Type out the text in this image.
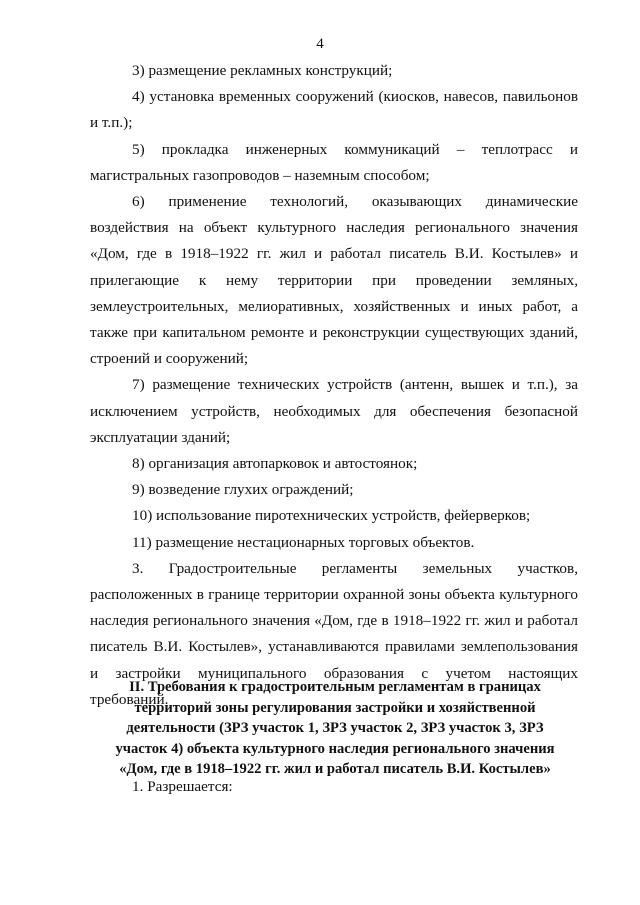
4

3) размещение рекламных конструкций;

4) установка временных сооружений (киосков, навесов, павильонов и т.п.);

5) прокладка инженерных коммуникаций – теплотрасс и магистральных газопроводов – наземным способом;

6) применение технологий, оказывающих динамические воздействия на объект культурного наследия регионального значения «Дом, где в 1918–1922 гг. жил и работал писатель В.И. Костылев» и прилегающие к нему территории при проведении земляных, землеустроительных, мелиоративных, хозяйственных и иных работ, а также при капитальном ремонте и реконструкции существующих зданий, строений и сооружений;

7) размещение технических устройств (антенн, вышек и т.п.), за исключением устройств, необходимых для обеспечения безопасной эксплуатации зданий;

8) организация автопарковок и автостоянок;

9) возведение глухих ограждений;

10) использование пиротехнических устройств, фейерверков;

11) размещение нестационарных торговых объектов.

3. Градостроительные регламенты земельных участков, расположенных в границе территории охранной зоны объекта культурного наследия регионального значения «Дом, где в 1918–1922 гг. жил и работал писатель В.И. Костылев», устанавливаются правилами землепользования и застройки муниципального образования с учетом настоящих требований.

II. Требования к градостроительным регламентам в границах
территорий зоны регулирования застройки и хозяйственной
деятельности (ЗРЗ участок 1, ЗРЗ участок 2, ЗРЗ участок 3, ЗРЗ
участок 4) объекта культурного наследия регионального значения
«Дом, где в 1918–1922 гг. жил и работал писатель В.И. Костылев»
1. Разрешается:
